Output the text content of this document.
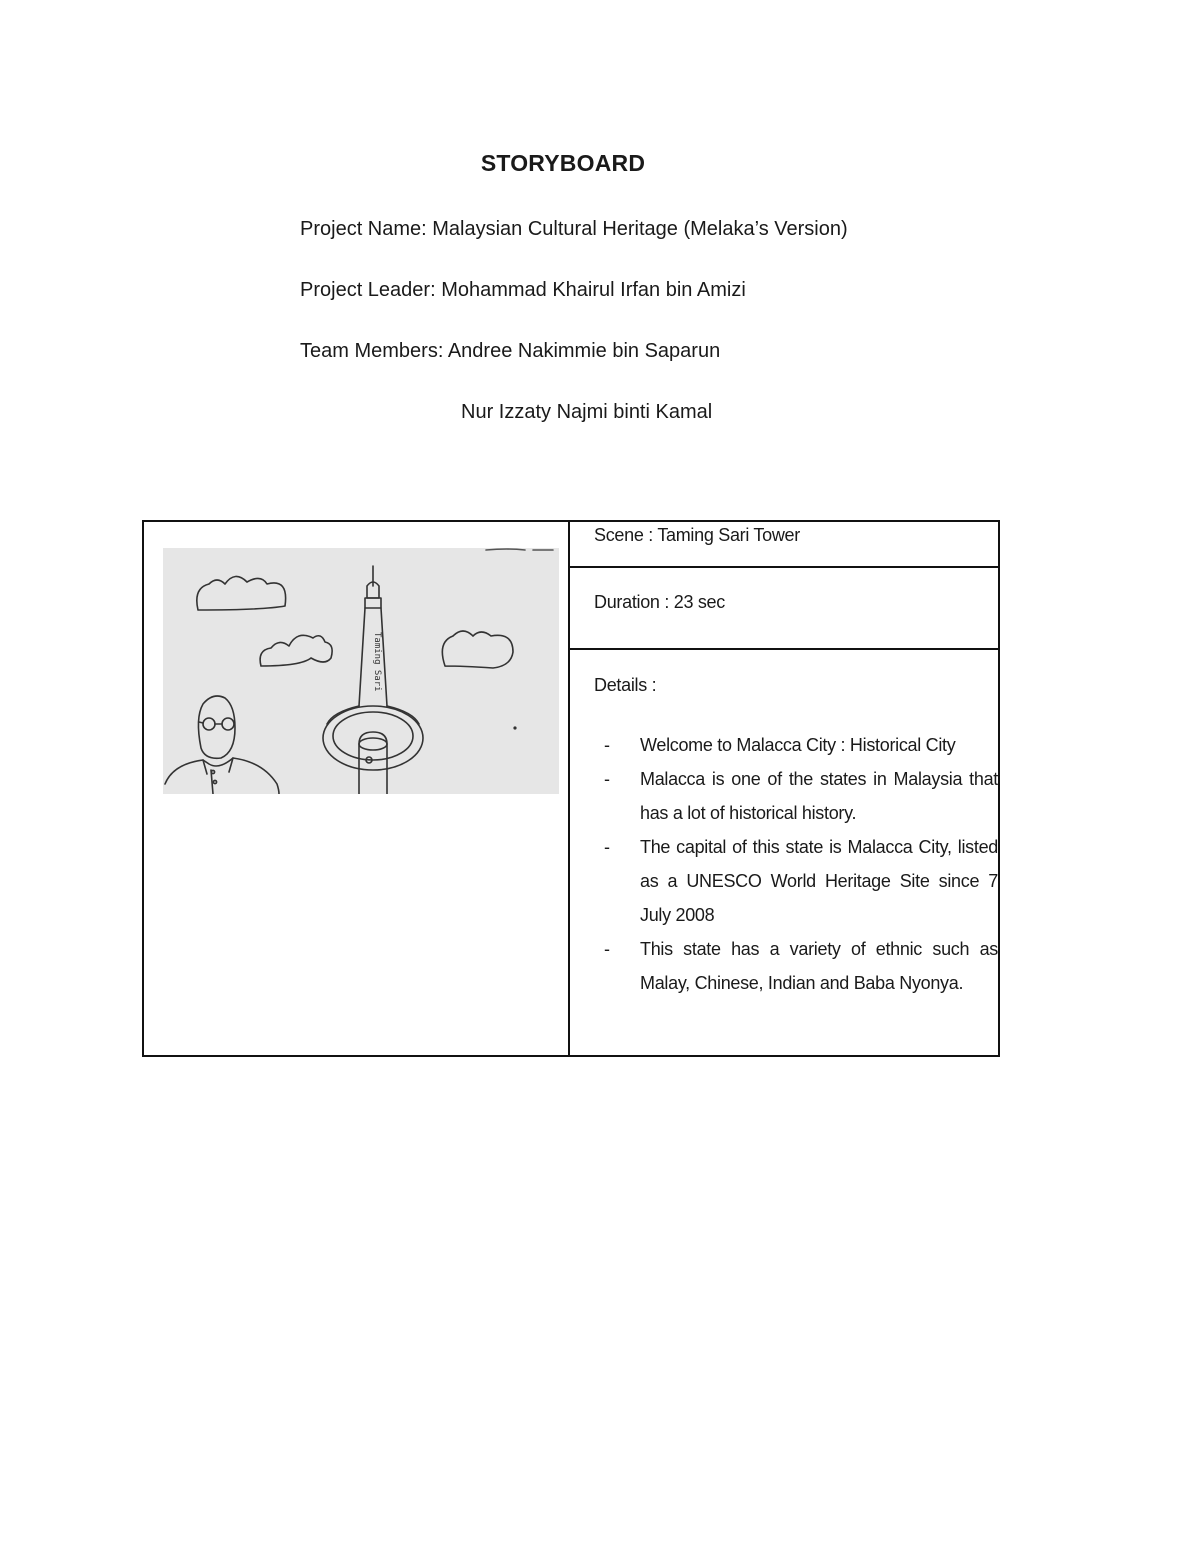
STORYBOARD
Project Name: Malaysian Cultural Heritage (Melaka’s Version)
Project Leader: Mohammad Khairul Irfan bin Amizi
Team Members: Andree Nakimmie bin Saparun
Nur Izzaty Najmi binti Kamal
Taming Sari
Scene : Taming Sari Tower
Duration : 23 sec
Details :
- Welcome to Malacca City : Historical City
- Malacca is one of the states in Malaysia that has a lot of historical history.
- The capital of this state is Malacca City, listed as a UNESCO World Heritage Site since 7 July 2008
- This state has a variety of ethnic such as Malay, Chinese, Indian and Baba Nyonya.
